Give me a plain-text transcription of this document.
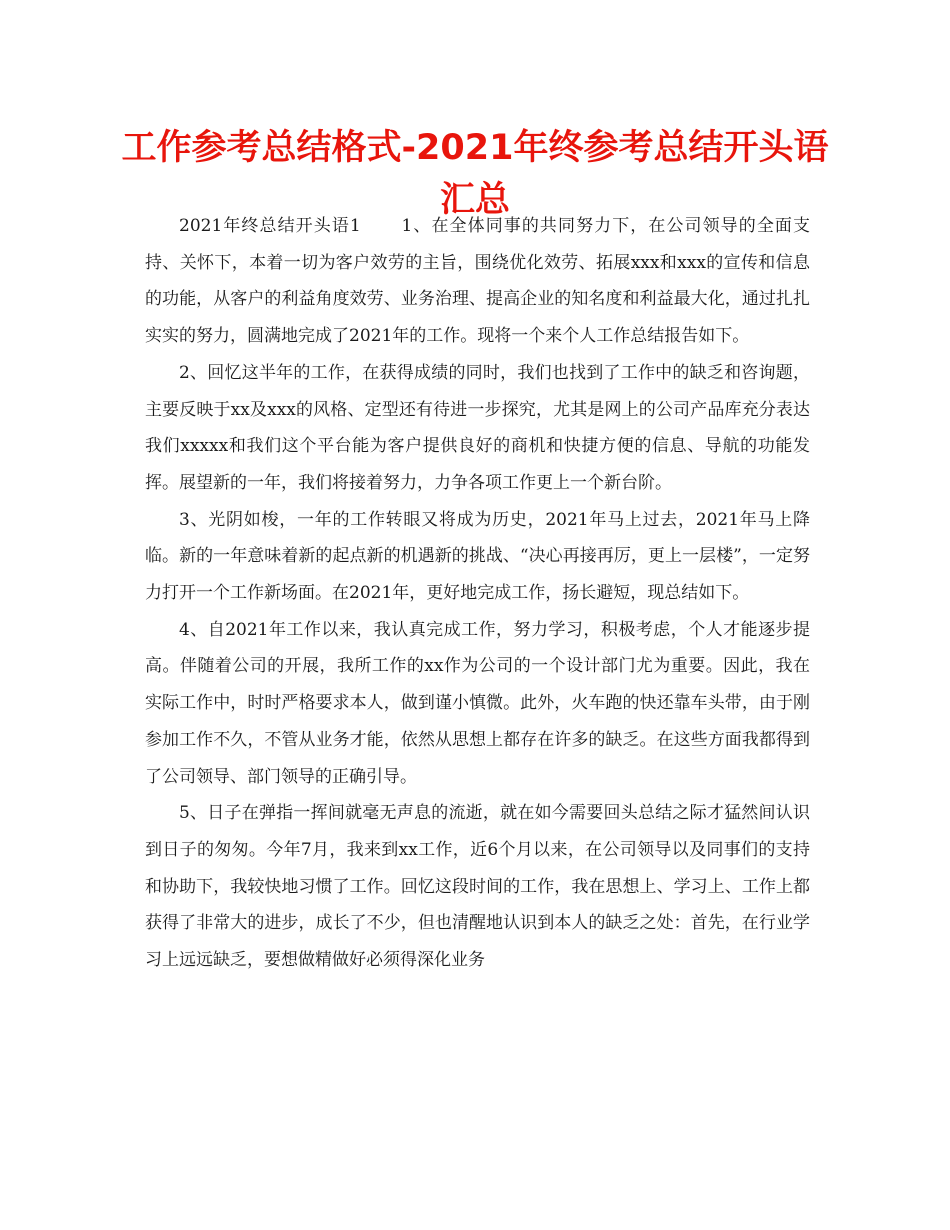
工作参考总结格式-2021年终参考总结开头语汇总

2021年终总结开头语1 1、在全体同事的共同努力下，在公司领导的全面支持、关怀下，本着一切为客户效劳的主旨，围绕优化效劳、拓展xxx和xxx的宣传和信息的功能，从客户的利益角度效劳、业务治理、提高企业的知名度和利益最大化，通过扎扎实实的努力，圆满地完成了2021年的工作。现将一个来个人工作总结报告如下。

2、回忆这半年的工作，在获得成绩的同时，我们也找到了工作中的缺乏和咨询题，主要反映于xx及xxx的风格、定型还有待进一步探究，尤其是网上的公司产品库充分表达我们xxxxx和我们这个平台能为客户提供良好的商机和快捷方便的信息、导航的功能发挥。展望新的一年，我们将接着努力，力争各项工作更上一个新台阶。

3、光阴如梭，一年的工作转眼又将成为历史，2021年马上过去，2021年马上降临。新的一年意味着新的起点新的机遇新的挑战、“决心再接再厉，更上一层楼”，一定努力打开一个工作新场面。在2021年，更好地完成工作，扬长避短，现总结如下。

4、自2021年工作以来，我认真完成工作，努力学习，积极考虑，个人才能逐步提高。伴随着公司的开展，我所工作的xx作为公司的一个设计部门尤为重要。因此，我在实际工作中，时时严格要求本人，做到谨小慎微。此外，火车跑的快还靠车头带，由于刚参加工作不久，不管从业务才能，依然从思想上都存在许多的缺乏。在这些方面我都得到了公司领导、部门领导的正确引导。

5、日子在弹指一挥间就毫无声息的流逝，就在如今需要回头总结之际才猛然间认识到日子的匆匆。今年7月，我来到xx工作，近6个月以来，在公司领导以及同事们的支持和协助下，我较快地习惯了工作。回忆这段时间的工作，我在思想上、学习上、工作上都获得了非常大的进步，成长了不少，但也清醒地认识到本人的缺乏之处：首先，在行业学习上远远缺乏，要想做精做好必须得深化业务
